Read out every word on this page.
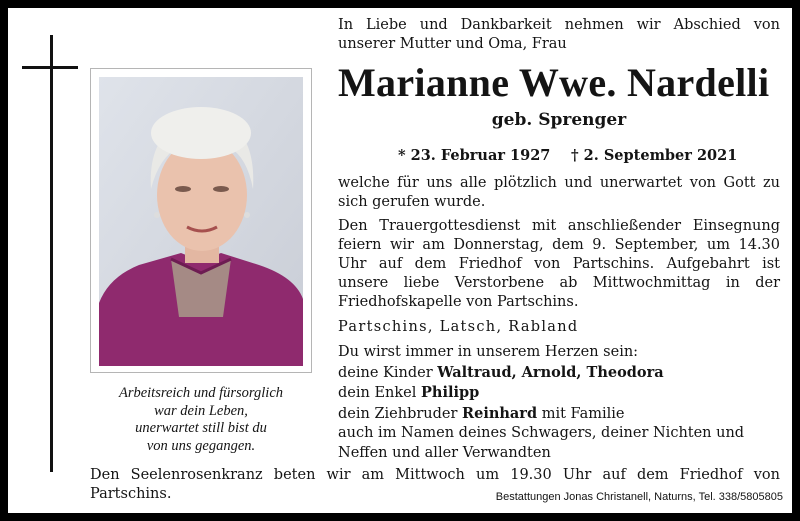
Arbeitsreich und fürsorglich
war dein Leben,
unerwartet still bist du
von uns gegangen.
In Liebe und Dankbarkeit nehmen wir Abschied von unserer Mutter und Oma, Frau
Marianne Wwe. Nardelli
geb. Sprenger
* 23. Februar 1927 † 2. September 2021
welche für uns alle plötzlich und unerwartet von Gott zu sich gerufen wurde.
Den Trauergottesdienst mit anschließender Einsegnung feiern wir am Donnerstag, dem 9. September, um 14.30 Uhr auf dem Friedhof von Partschins. Aufgebahrt ist unsere liebe Verstorbene ab Mittwochmittag in der Friedhofskapelle von Partschins.
Partschins, Latsch, Rabland
Du wirst immer in unserem Herzen sein:
deine Kinder Waltraud, Arnold, Theodora
dein Enkel Philipp
dein Ziehbruder Reinhard mit Familie
auch im Namen deines Schwagers, deiner Nichten und
Neffen und aller Verwandten
Den Seelenrosenkranz beten wir am Mittwoch um 19.30 Uhr auf dem Friedhof von Partschins.	Bestattungen Jonas Christanell, Naturns, Tel. 338/5805805
